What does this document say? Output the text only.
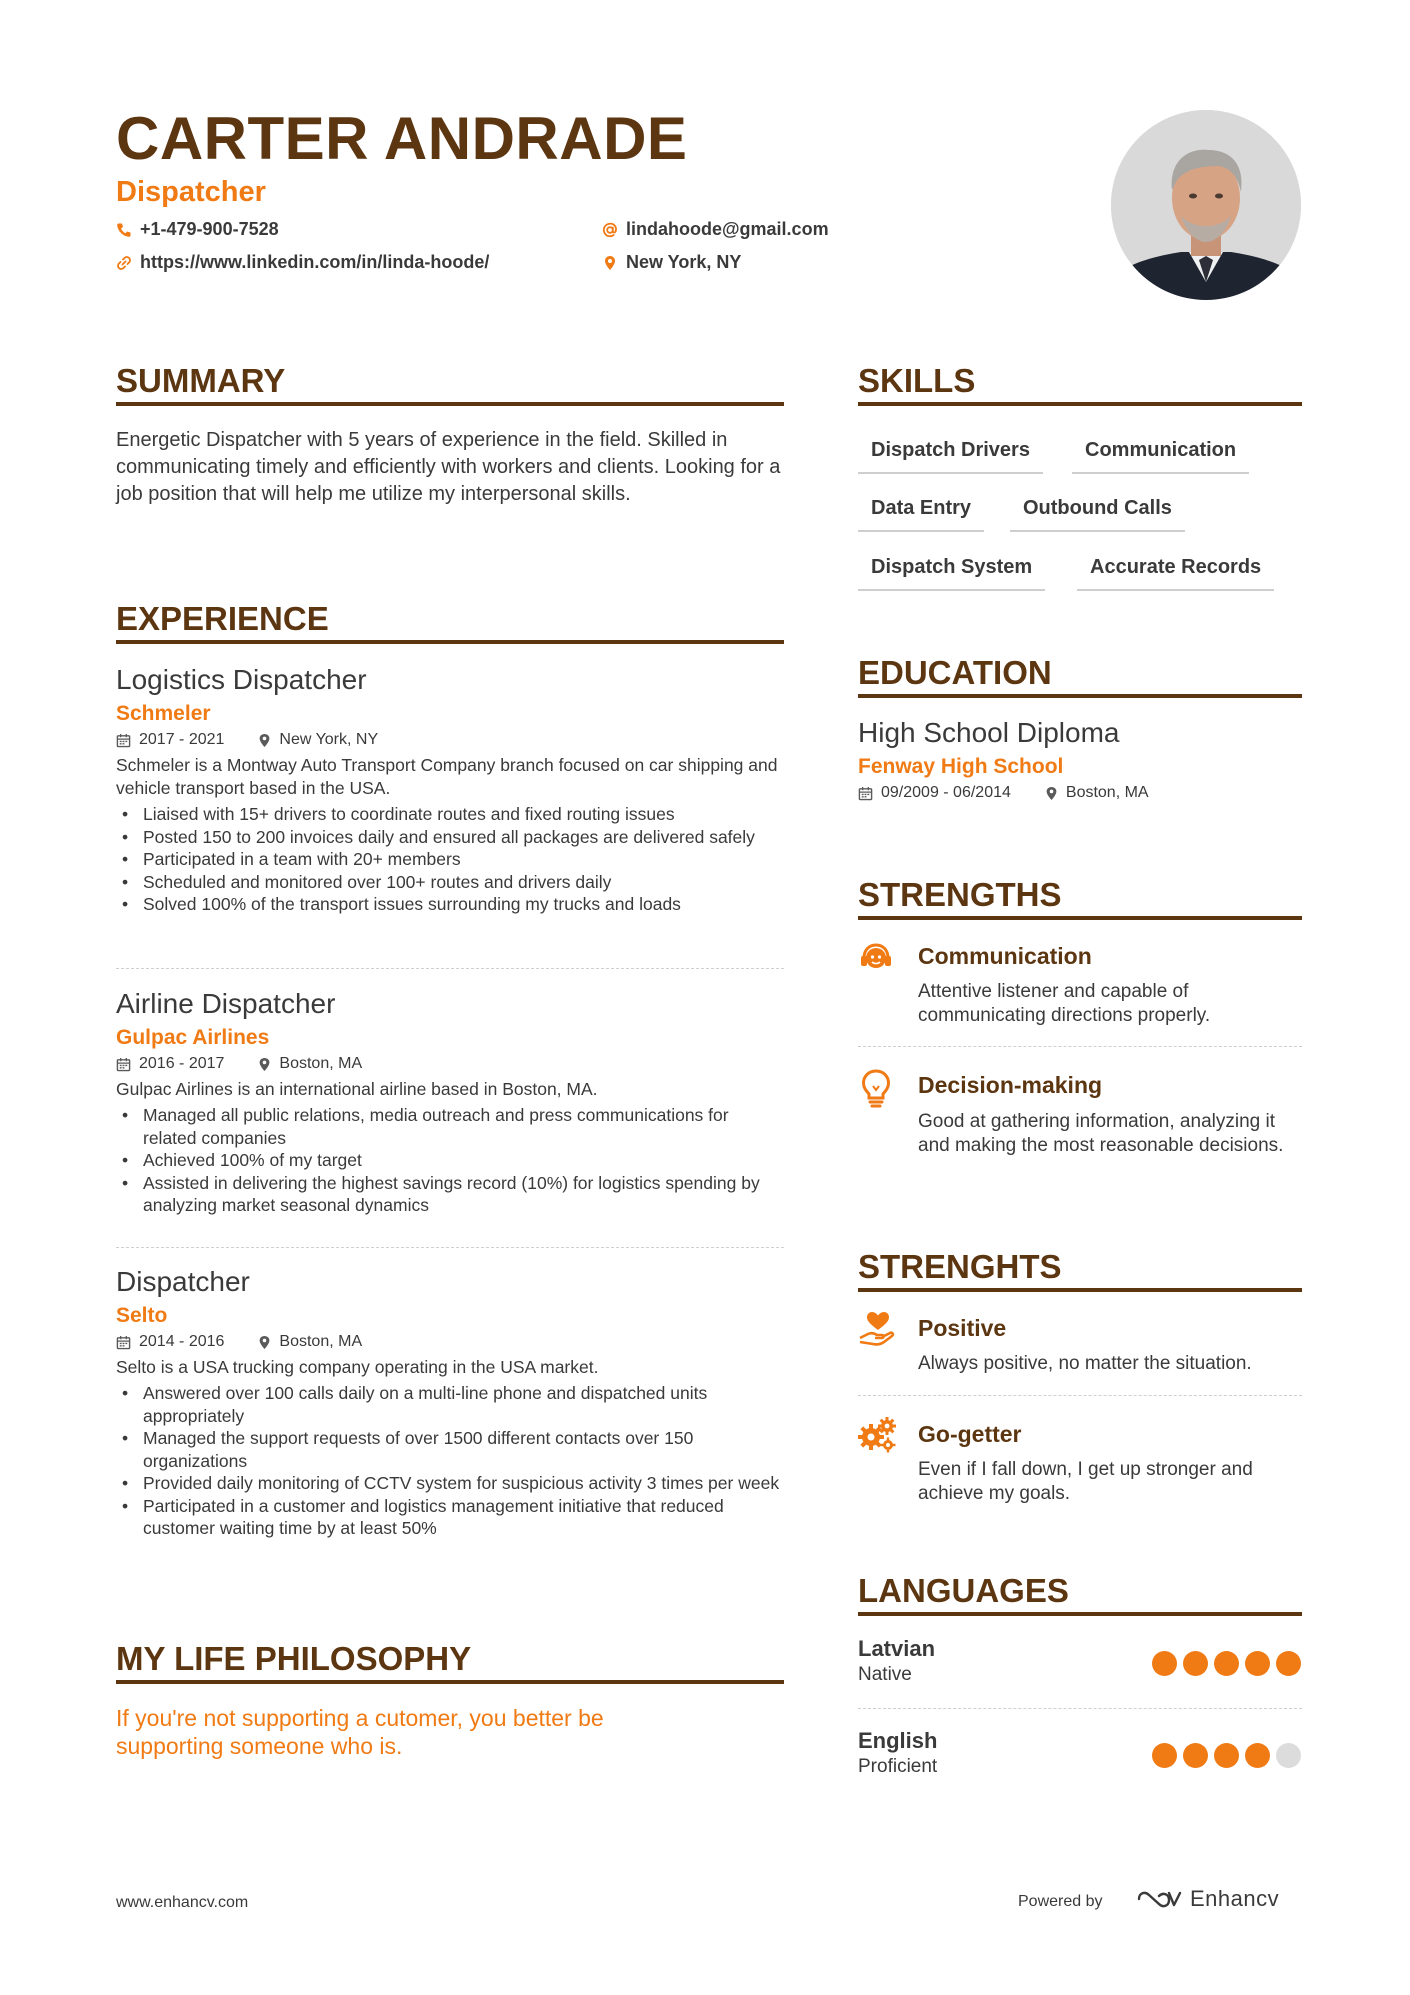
CARTER ANDRADE
Dispatcher
+1-479-900-7528
https://www.linkedin.com/in/linda-hoode/
lindahoode@gmail.com
New York, NY
SUMMARY
Energetic Dispatcher with 5 years of experience in the field. Skilled in communicating timely and efficiently with workers and clients. Looking for a job position that will help me utilize my interpersonal skills.
EXPERIENCE
Logistics Dispatcher
Schmeler
2017 - 2021	New York, NY
Schmeler is a Montway Auto Transport Company branch focused on car shipping and vehicle transport based in the USA.
• Liaised with 15+ drivers to coordinate routes and fixed routing issues
• Posted 150 to 200 invoices daily and ensured all packages are delivered safely
• Participated in a team with 20+ members
• Scheduled and monitored over 100+ routes and drivers daily
• Solved 100% of the transport issues surrounding my trucks and loads
Airline Dispatcher
Gulpac Airlines
2016 - 2017	Boston, MA
Gulpac Airlines is an international airline based in Boston, MA.
• Managed all public relations, media outreach and press communications for related companies
• Achieved 100% of my target
• Assisted in delivering the highest savings record (10%) for logistics spending by analyzing market seasonal dynamics
Dispatcher
Selto
2014 - 2016	Boston, MA
Selto is a USA trucking company operating in the USA market.
• Answered over 100 calls daily on a multi-line phone and dispatched units appropriately
• Managed the support requests of over 1500 different contacts over 150 organizations
• Provided daily monitoring of CCTV system for suspicious activity 3 times per week
• Participated in a customer and logistics management initiative that reduced customer waiting time by at least 50%
MY LIFE PHILOSOPHY
If you're not supporting a cutomer, you better be supporting someone who is.
SKILLS
Dispatch Drivers	Communication
Data Entry	Outbound Calls
Dispatch System	Accurate Records
EDUCATION
High School Diploma
Fenway High School
09/2009 - 06/2014	Boston, MA
STRENGTHS
Communication
Attentive listener and capable of communicating directions properly.
Decision-making
Good at gathering information, analyzing it and making the most reasonable decisions.
STRENGHTS
Positive
Always positive, no matter the situation.
Go-getter
Even if I fall down, I get up stronger and achieve my goals.
LANGUAGES
Latvian
Native
English
Proficient
www.enhancv.com	Powered by	Enhancv
